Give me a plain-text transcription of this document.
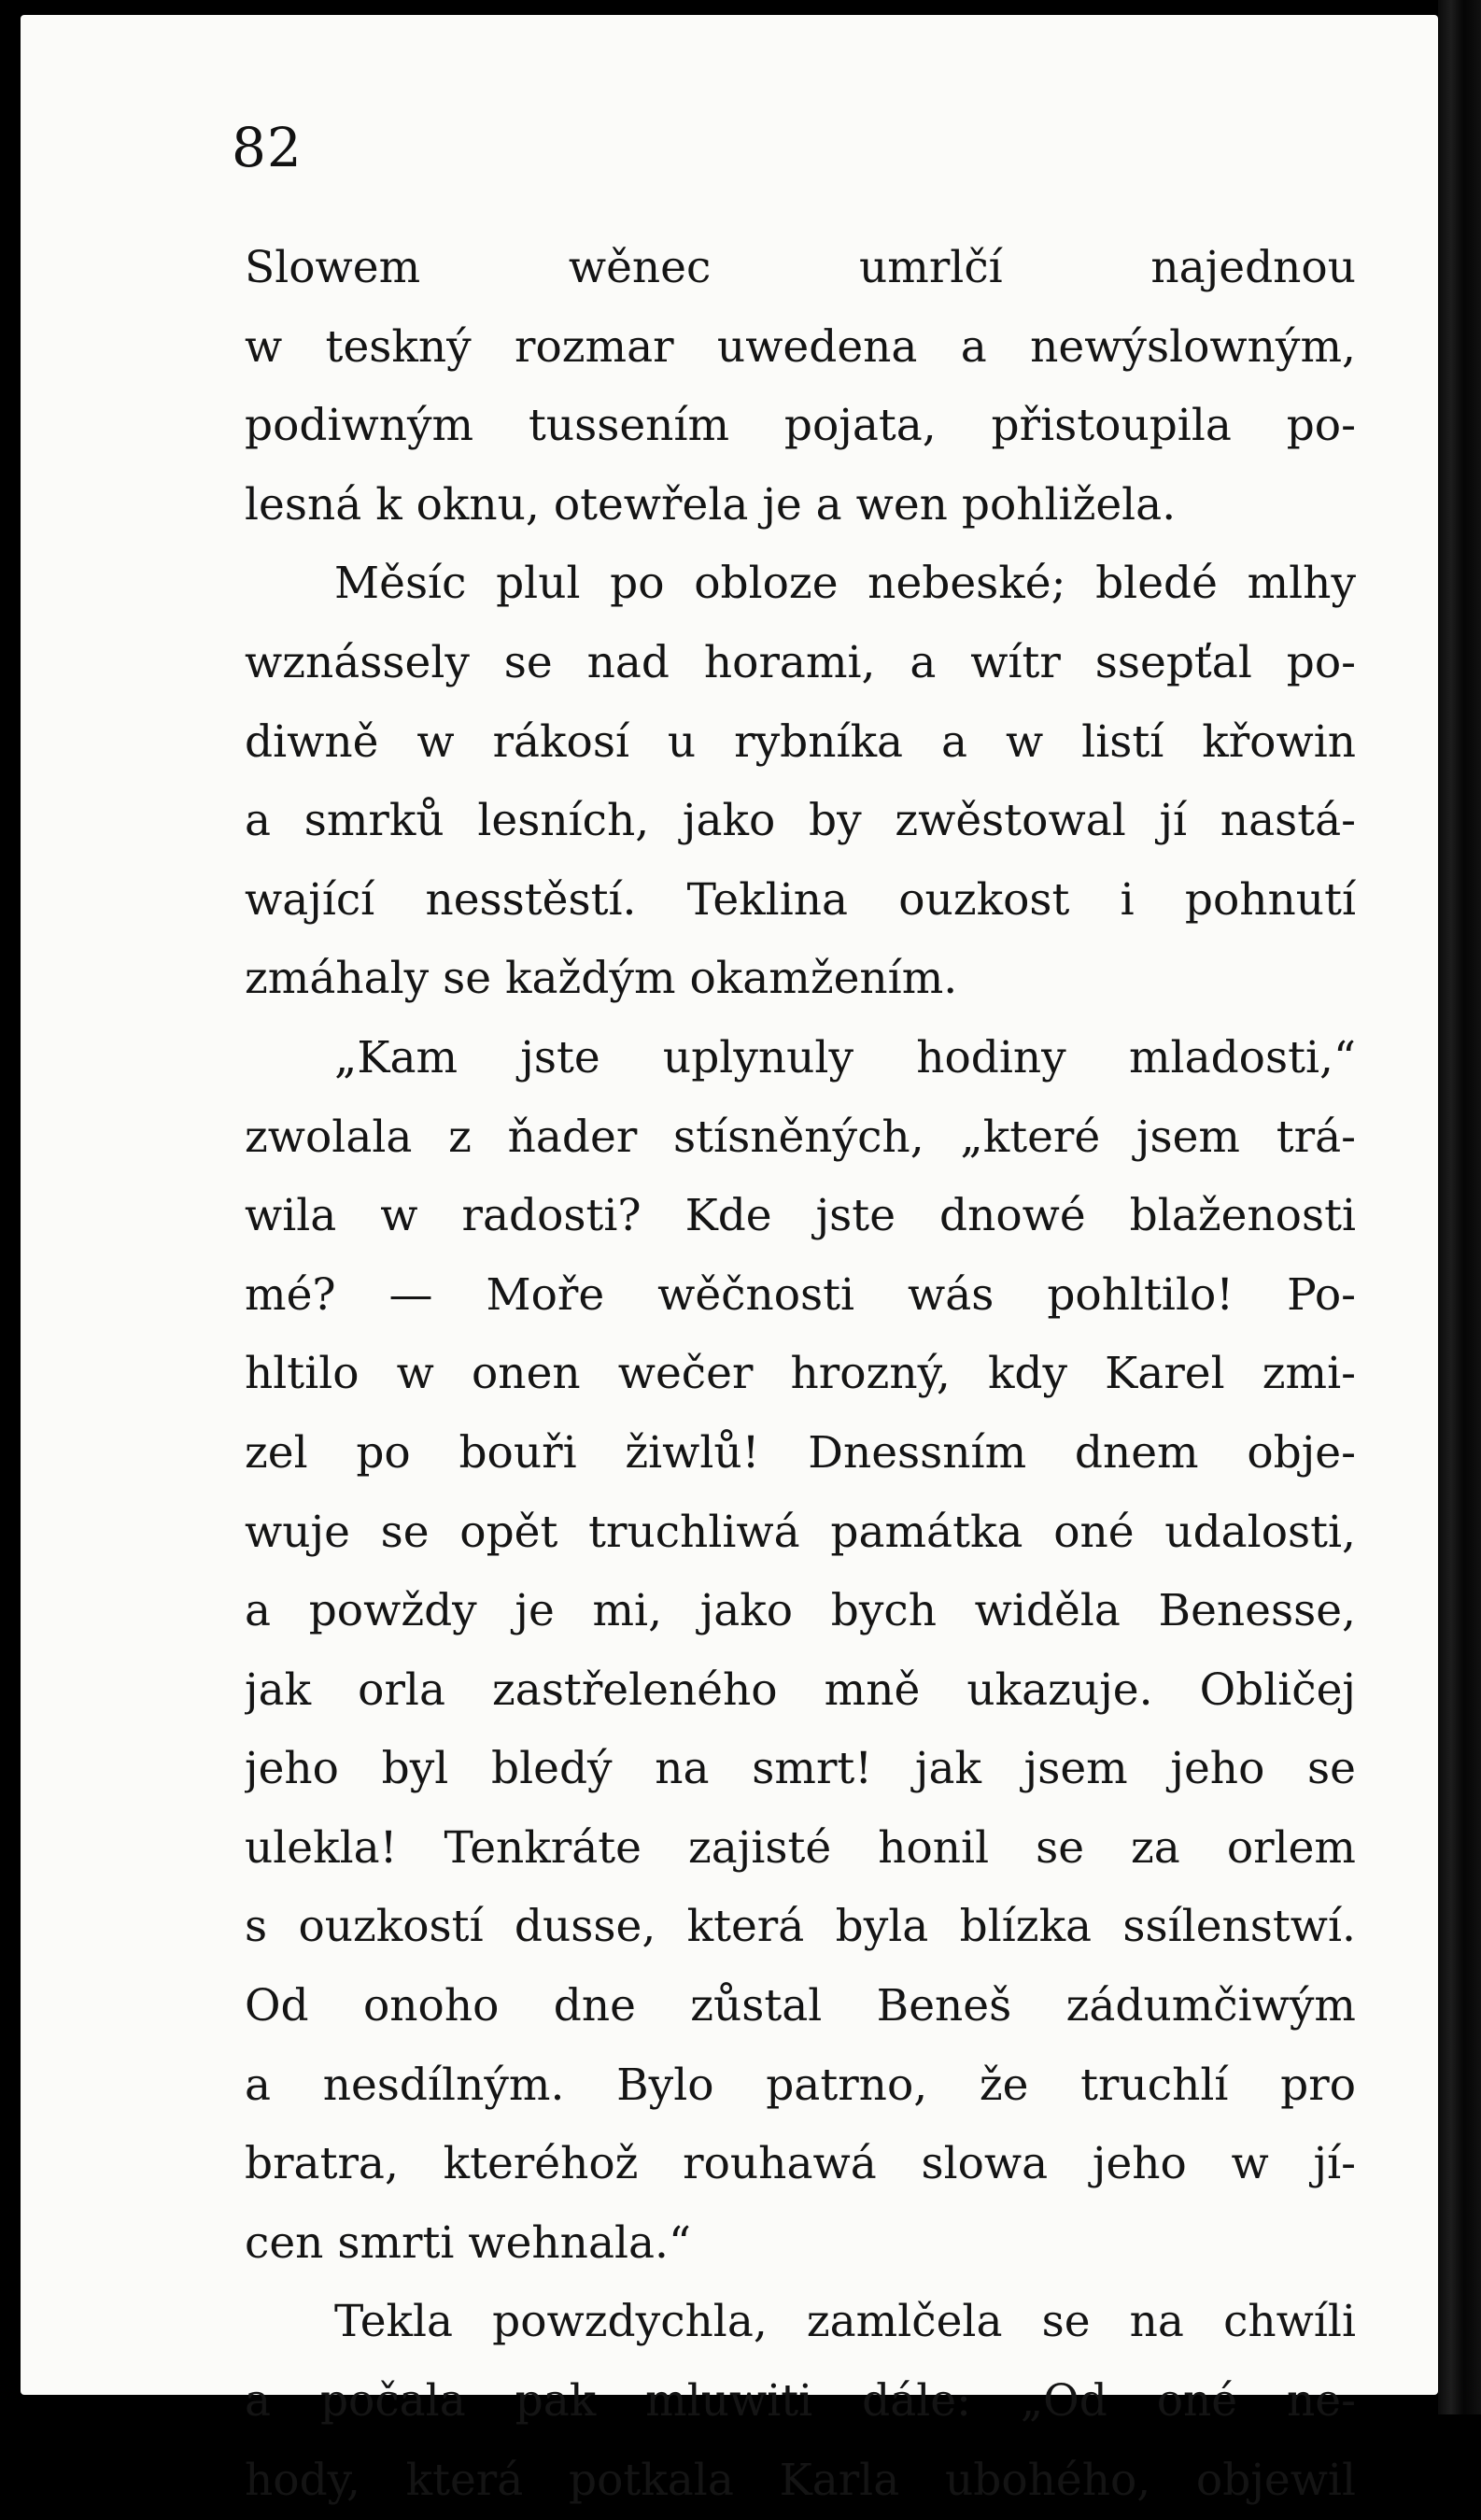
82
Slowem wěnec umrlčí najednou
w teskný rozmar uwedena a newýslowným,
podiwným tussením pojata, přistoupila po-
lesná k oknu, otewřela je a wen pohližela.
Měsíc plul po obloze nebeské; bledé mlhy
wznássely se nad horami, a wítr ssepťal po-
diwně w rákosí u rybníka a w listí křowin
a smrků lesních, jako by zwěstowal jí nastá-
wající nesstěstí. Teklina ouzkost i pohnutí
zmáhaly se každým okamžením.
„Kam jste uplynuly hodiny mladosti,“
zwolala z ňader stísněných, „které jsem trá-
wila w radosti? Kde jste dnowé blaženosti
mé? — Moře wěčnosti wás pohltilo! Po-
hltilo w onen wečer hrozný, kdy Karel zmi-
zel po bouři žiwlů! Dnessním dnem obje-
wuje se opět truchliwá památka oné udalosti,
a powždy je mi, jako bych widěla Benesse,
jak orla zastřeleného mně ukazuje. Obličej
jeho byl bledý na smrt! jak jsem jeho se
ulekla! Tenkráte zajisté honil se za orlem
s ouzkostí dusse, která byla blízka ssílenstwí.
Od onoho dne zůstal Beneš zádumčiwým
a nesdílným. Bylo patrno, že truchlí pro
bratra, kteréhož rouhawá slowa jeho w jí-
cen smrti wehnala.“
Tekla powzdychla, zamlčela se na chwíli
a počala pak mluwiti dále: „Od oné ne-
hody, která potkala Karla ubohého, objewil
